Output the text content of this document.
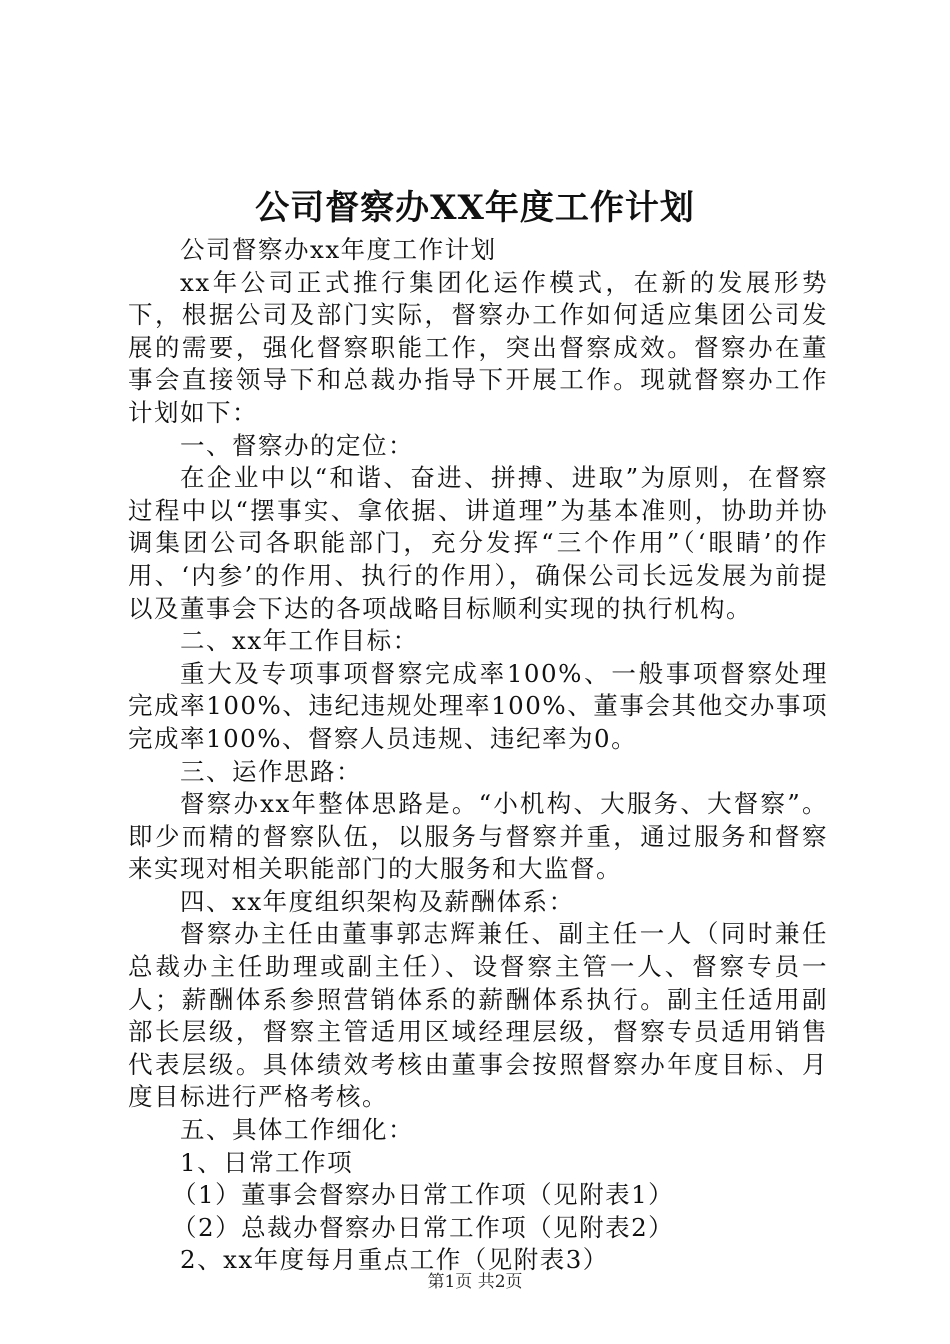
公司督察办XX年度工作计划

公司督察办xx年度工作计划

xx年公司正式推行集团化运作模式，在新的发展形势下，根据公司及部门实际，督察办工作如何适应集团公司发展的需要，强化督察职能工作，突出督察成效。督察办在董事会直接领导下和总裁办指导下开展工作。现就督察办工作计划如下：

一、督察办的定位：

在企业中以“和谐、奋进、拼搏、进取”为原则，在督察过程中以“摆事实、拿依据、讲道理”为基本准则，协助并协调集团公司各职能部门，充分发挥“三个作用”（‘眼睛’的作用、‘内参’的作用、执行的作用），确保公司长远发展为前提以及董事会下达的各项战略目标顺利实现的执行机构。

二、xx年工作目标：

重大及专项事项督察完成率100%、一般事项督察处理完成率100%、违纪违规处理率100%、董事会其他交办事项完成率100%、督察人员违规、违纪率为0。

三、运作思路：

督察办xx年整体思路是。“小机构、大服务、大督察”。即少而精的督察队伍，以服务与督察并重，通过服务和督察来实现对相关职能部门的大服务和大监督。

四、xx年度组织架构及薪酬体系：

督察办主任由董事郭志辉兼任、副主任一人（同时兼任总裁办主任助理或副主任）、设督察主管一人、督察专员一人；薪酬体系参照营销体系的薪酬体系执行。副主任适用副部长层级，督察主管适用区域经理层级，督察专员适用销售代表层级。具体绩效考核由董事会按照督察办年度目标、月度目标进行严格考核。

五、具体工作细化：

1、日常工作项

（1）董事会督察办日常工作项（见附表1）

（2）总裁办督察办日常工作项（见附表2）

2、xx年度每月重点工作（见附表3）

第1页 共2页
